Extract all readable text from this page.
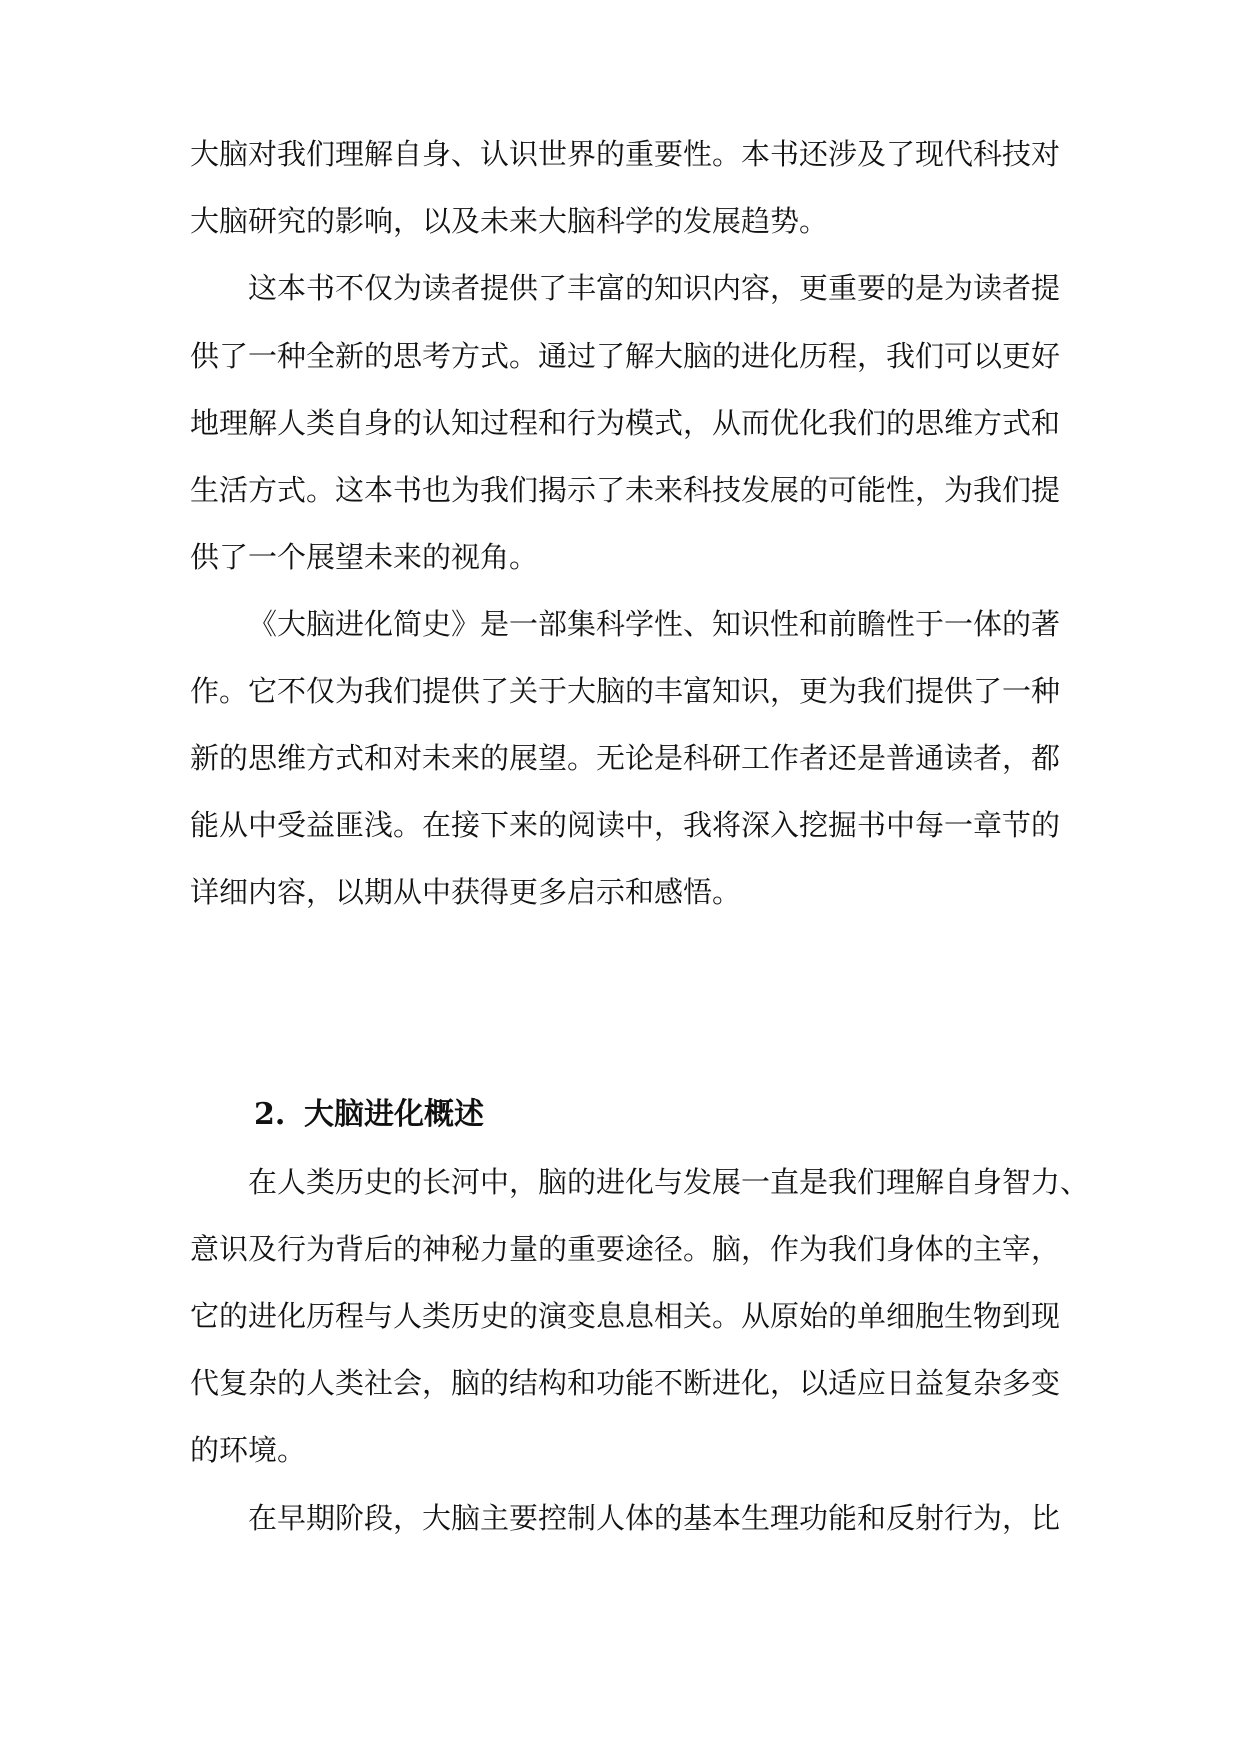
大脑对我们理解自身、认识世界的重要性。本书还涉及了现代科技对

大脑研究的影响，以及未来大脑科学的发展趋势。

这本书不仅为读者提供了丰富的知识内容，更重要的是为读者提

供了一种全新的思考方式。通过了解大脑的进化历程，我们可以更好

地理解人类自身的认知过程和行为模式，从而优化我们的思维方式和

生活方式。这本书也为我们揭示了未来科技发展的可能性，为我们提

供了一个展望未来的视角。

《大脑进化简史》是一部集科学性、知识性和前瞻性于一体的著

作。它不仅为我们提供了关于大脑的丰富知识，更为我们提供了一种

新的思维方式和对未来的展望。无论是科研工作者还是普通读者，都

能从中受益匪浅。在接下来的阅读中，我将深入挖掘书中每一章节的

详细内容，以期从中获得更多启示和感悟。

2. 大脑进化概述

在人类历史的长河中，脑的进化与发展一直是我们理解自身智力、

意识及行为背后的神秘力量的重要途径。脑，作为我们身体的主宰，

它的进化历程与人类历史的演变息息相关。从原始的单细胞生物到现

代复杂的人类社会，脑的结构和功能不断进化，以适应日益复杂多变

的环境。

在早期阶段，大脑主要控制人体的基本生理功能和反射行为，比
